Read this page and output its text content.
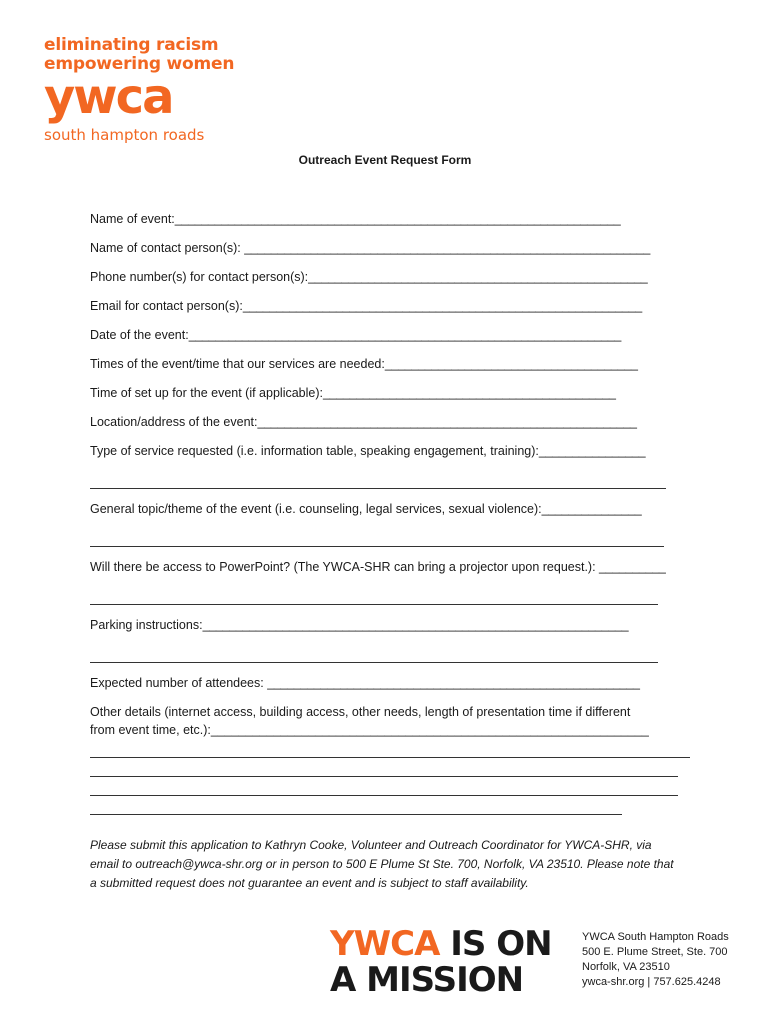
eliminating racism
empowering women
ywca
south hampton roads
Outreach Event Request Form
Name of event:___________________________________________________________________
Name of contact person(s): _____________________________________________________________
Phone number(s) for contact person(s):___________________________________________________
Email for contact person(s):____________________________________________________________
Date of the event:_________________________________________________________________
Times of the event/time that our services are needed:______________________________________
Time of set up for the event (if applicable):____________________________________________
Location/address of the event:_________________________________________________________
Type of service requested (i.e. information table, speaking engagement, training):________________
General topic/theme of the event (i.e. counseling, legal services, sexual violence):_______________
Will there be access to PowerPoint? (The YWCA-SHR can bring a projector upon request.): __________
Parking instructions:________________________________________________________________
Expected number of attendees: ________________________________________________________
Other details (internet access, building access, other needs, length of presentation time if different
from event time, etc.):_______________________________________________________________
Please submit this application to Kathryn Cooke, Volunteer and Outreach Coordinator for YWCA-SHR, via email to outreach@ywca-shr.org or in person to 500 E Plume St Ste. 700, Norfolk, VA 23510. Please note that a submitted request does not guarantee an event and is subject to staff availability.
YWCA IS ON
A MISSION
YWCA South Hampton Roads
500 E. Plume Street, Ste. 700
Norfolk, VA 23510
ywca-shr.org | 757.625.4248
